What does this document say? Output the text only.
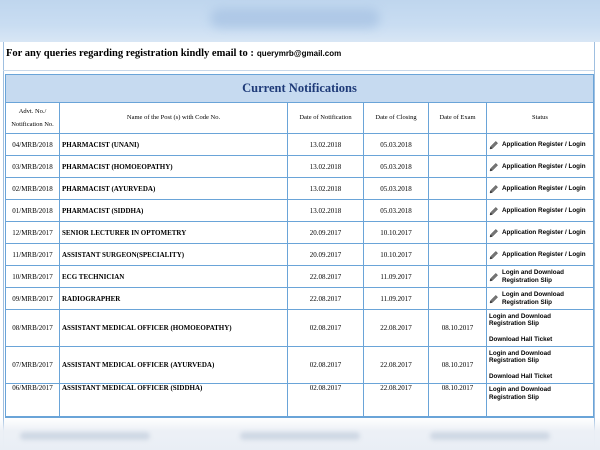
For any queries regarding registration kindly email to : querymrb@gmail.com
Current Notifications					
Advt. No./
Notification No.	Name of the Post (s) with Code No.	Date of Notification	Date of Closing	Date of Exam	Status
04/MRB/2018	PHARMACIST (UNANI)	13.02.2018	05.03.2018		Application Register / Login

03/MRB/2018	PHARMACIST (HOMOEOPATHY)	13.02.2018	05.03.2018		Application Register / Login

02/MRB/2018	PHARMACIST (AYURVEDA)	13.02.2018	05.03.2018		Application Register / Login

01/MRB/2018	PHARMACIST (SIDDHA)	13.02.2018	05.03.2018		Application Register / Login

12/MRB/2017	SENIOR LECTURER IN OPTOMETRY	20.09.2017	10.10.2017		Application Register / Login

11/MRB/2017	ASSISTANT SURGEON(SPECIALITY)	20.09.2017	10.10.2017		Application Register / Login

10/MRB/2017	ECG TECHNICIAN	22.08.2017	11.09.2017		Login and Download
Registration Slip

09/MRB/2017	RADIOGRAPHER	22.08.2017	11.09.2017		Login and Download
Registration Slip

08/MRB/2017	ASSISTANT MEDICAL OFFICER (HOMOEOPATHY)	02.08.2017	22.08.2017	08.10.2017	Login and Download
Registration Slip
Download Hall Ticket

07/MRB/2017	ASSISTANT MEDICAL OFFICER (AYURVEDA)	02.08.2017	22.08.2017	08.10.2017	Login and Download
Registration Slip
Download Hall Ticket

06/MRB/2017	ASSISTANT MEDICAL OFFICER (SIDDHA)	02.08.2017	22.08.2017	08.10.2017	Login and Download
Registration Slip
